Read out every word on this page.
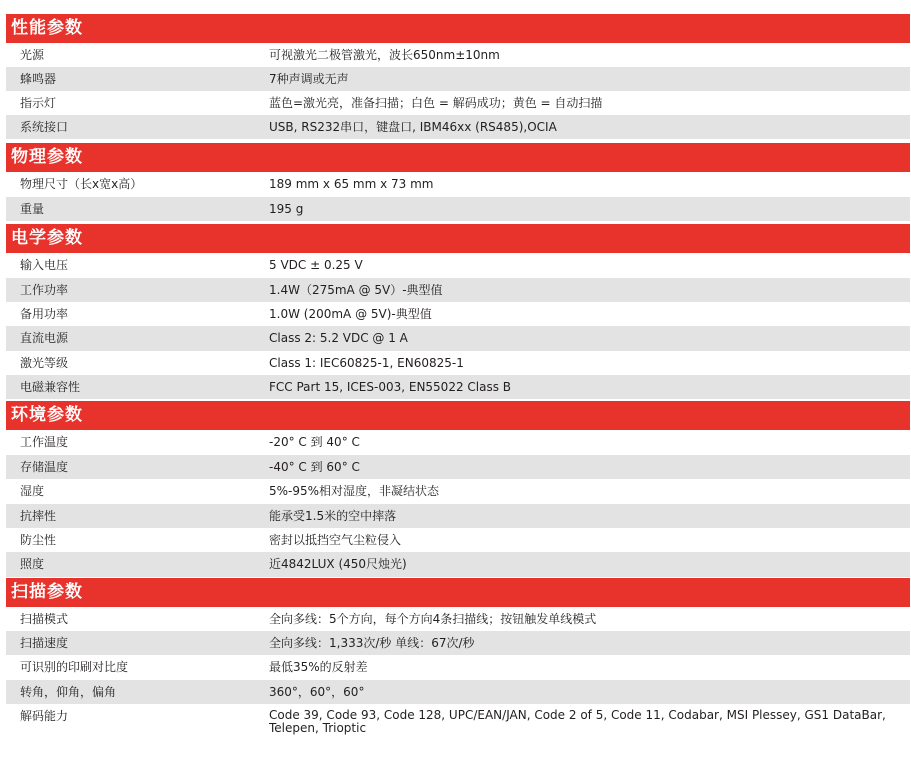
性能参数
光源	可视激光二极管激光，波长650nm±10nm
蜂鸣器	7种声调或无声
指示灯	蓝色=激光亮，准备扫描；白色 = 解码成功；黄色 = 自动扫描
系统接口	USB, RS232串口，键盘口, IBM46xx (RS485),OCIA
物理参数
物理尺寸（长x宽x高）	189 mm x 65 mm x 73 mm
重量	195 g
电学参数
输入电压	5 VDC ± 0.25 V
工作功率	1.4W（275mA @ 5V）-典型值
备用功率	1.0W (200mA @ 5V)-典型值
直流电源	Class 2: 5.2 VDC @ 1 A
激光等级	Class 1: IEC60825-1, EN60825-1
电磁兼容性	FCC Part 15, ICES-003, EN55022 Class B
环境参数
工作温度	-20° C 到 40° C
存储温度	-40° C 到 60° C
湿度	5%-95%相对湿度，非凝结状态
抗摔性	能承受1.5米的空中摔落
防尘性	密封以抵挡空气尘粒侵入
照度	近4842LUX (450尺烛光)
扫描参数
扫描模式	全向多线：5个方向，每个方向4条扫描线；按钮触发单线模式
扫描速度	全向多线：1,333次/秒 单线：67次/秒
可识别的印刷对比度	最低35%的反射差
转角，仰角，偏角	360°，60°，60°
解码能力	Code 39, Code 93, Code 128, UPC/EAN/JAN, Code 2 of 5, Code 11, Codabar, MSI Plessey, GS1 DataBar, Telepen, Trioptic
